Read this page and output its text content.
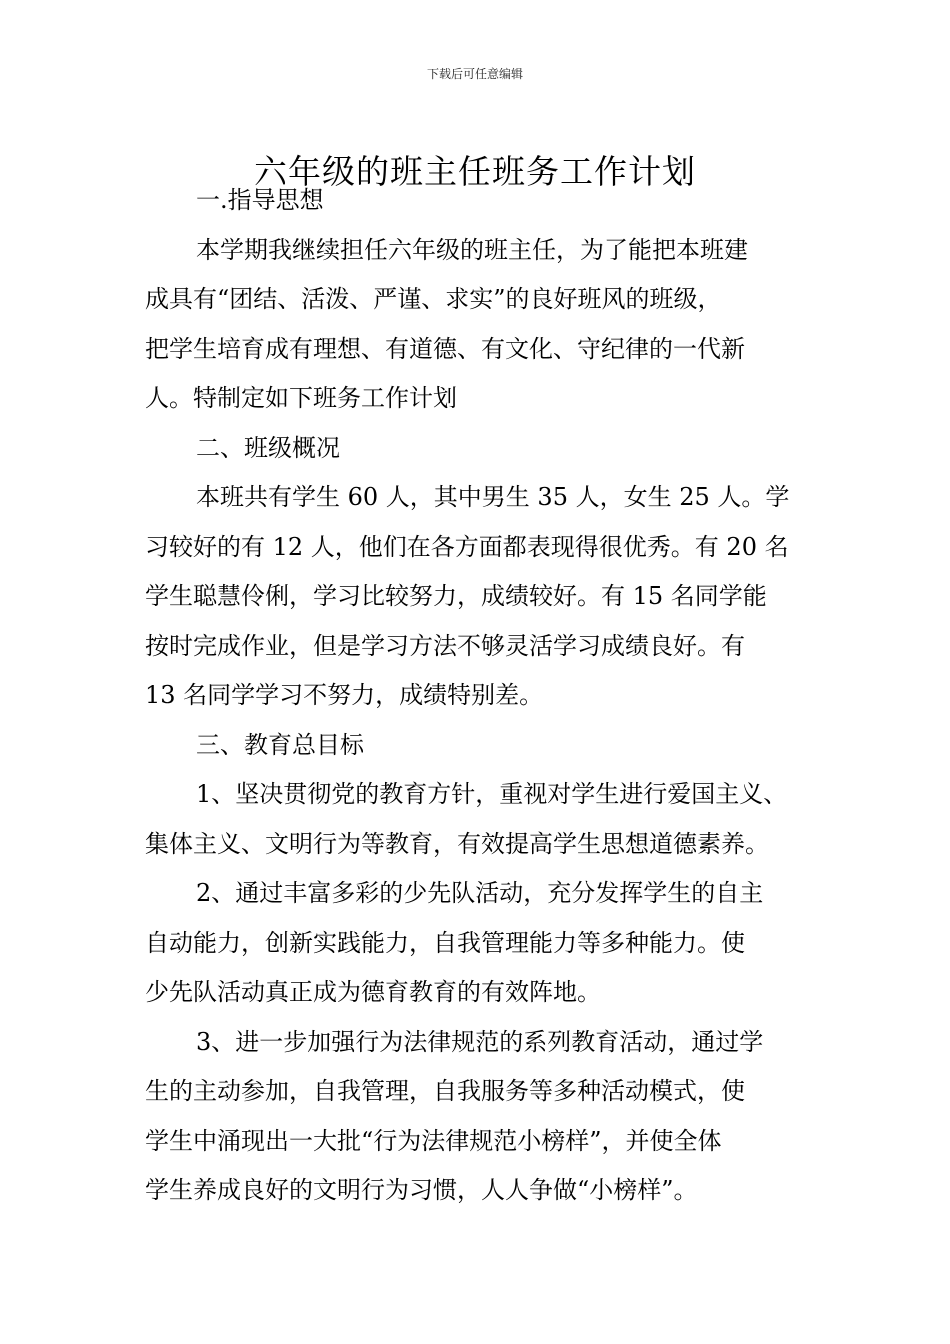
下载后可任意编辑
六年级的班主任班务工作计划

一.指导思想

本学期我继续担任六年级的班主任，为了能把本班建
成具有“团结、活泼、严谨、求实”的良好班风的班级，
把学生培育成有理想、有道德、有文化、守纪律的一代新
人。特制定如下班务工作计划

二、班级概况

本班共有学生 60 人，其中男生 35 人，女生 25 人。学
习较好的有 12 人，他们在各方面都表现得很优秀。有 20 名
学生聪慧伶俐，学习比较努力，成绩较好。有 15 名同学能
按时完成作业，但是学习方法不够灵活学习成绩良好。有
13 名同学学习不努力，成绩特别差。

三、教育总目标

1、坚决贯彻党的教育方针，重视对学生进行爱国主义、
集体主义、文明行为等教育，有效提高学生思想道德素养。

2、通过丰富多彩的少先队活动，充分发挥学生的自主
自动能力，创新实践能力，自我管理能力等多种能力。使
少先队活动真正成为德育教育的有效阵地。

3、进一步加强行为法律规范的系列教育活动，通过学
生的主动参加，自我管理，自我服务等多种活动模式，使
学生中涌现出一大批“行为法律规范小榜样”，并使全体
学生养成良好的文明行为习惯，人人争做“小榜样”。
